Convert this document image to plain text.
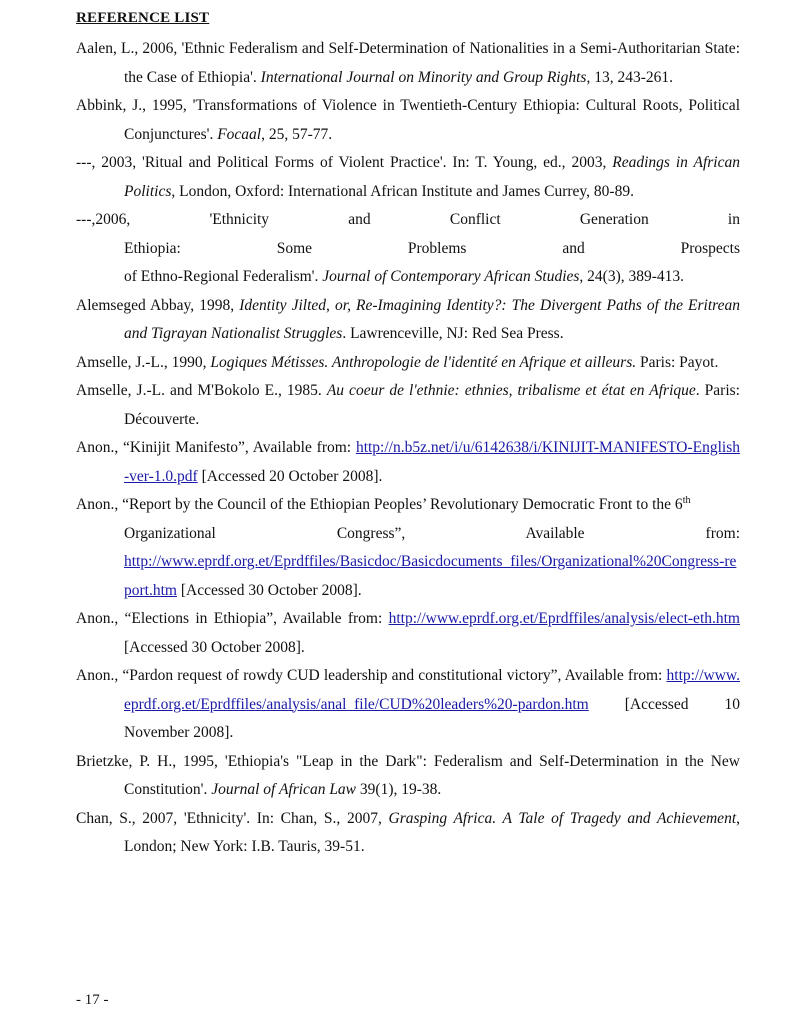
REFERENCE LIST

Aalen, L., 2006, 'Ethnic Federalism and Self-Determination of Nationalities in a Semi-Authoritarian State: the Case of Ethiopia'. International Journal on Minority and Group Rights, 13, 243-261.

Abbink, J., 1995, 'Transformations of Violence in Twentieth-Century Ethiopia: Cultural Roots, Political Conjunctures'. Focaal, 25, 57-77.

---, 2003, 'Ritual and Political Forms of Violent Practice'. In: T. Young, ed., 2003, Readings in African Politics, London, Oxford: International African Institute and James Currey, 80-89.

---,2006, 'Ethnicity and Conflict Generation in
Ethiopia: Some Problems and Prospects
of Ethno-Regional Federalism'. Journal of Contemporary African Studies, 24(3), 389-413.

Alemseged Abbay, 1998, Identity Jilted, or, Re-Imagining Identity?: The Divergent Paths of the Eritrean and Tigrayan Nationalist Struggles. Lawrenceville, NJ: Red Sea Press.

Amselle, J.-L., 1990, Logiques Métisses. Anthropologie de l'identité en Afrique et ailleurs. Paris: Payot.

Amselle, J.-L. and M'Bokolo E., 1985. Au coeur de l'ethnie: ethnies, tribalisme et état en Afrique. Paris: Découverte.

Anon., “Kinijit Manifesto”, Available from: http://n.b5z.net/i/u/6142638/i/KINIJIT-MANIFESTO-English-ver-1.0.pdf [Accessed 20 October 2008].

Anon., “Report by the Council of the Ethiopian Peoples’ Revolutionary Democratic Front to the 6th
Organizational Congress”, Available from:
http://www.eprdf.org.et/Eprdffiles/Basicdoc/Basicdocuments_files/Organizational%20Congress-report.htm [Accessed 30 October 2008].

Anon., “Elections in Ethiopia”, Available from: http://www.eprdf.org.et/Eprdffiles/analysis/elect-eth.htm [Accessed 30 October 2008].

Anon., “Pardon request of rowdy CUD leadership and constitutional victory”, Available from: http://www.eprdf.org.et/Eprdffiles/analysis/anal_file/CUD%20leaders%20-pardon.htm [Accessed 10 November 2008].

Brietzke, P. H., 1995, 'Ethiopia's "Leap in the Dark": Federalism and Self-Determination in the New Constitution'. Journal of African Law 39(1), 19-38.

Chan, S., 2007, 'Ethnicity'. In: Chan, S., 2007, Grasping Africa. A Tale of Tragedy and Achievement, London; New York: I.B. Tauris, 39-51.

- 17 -
